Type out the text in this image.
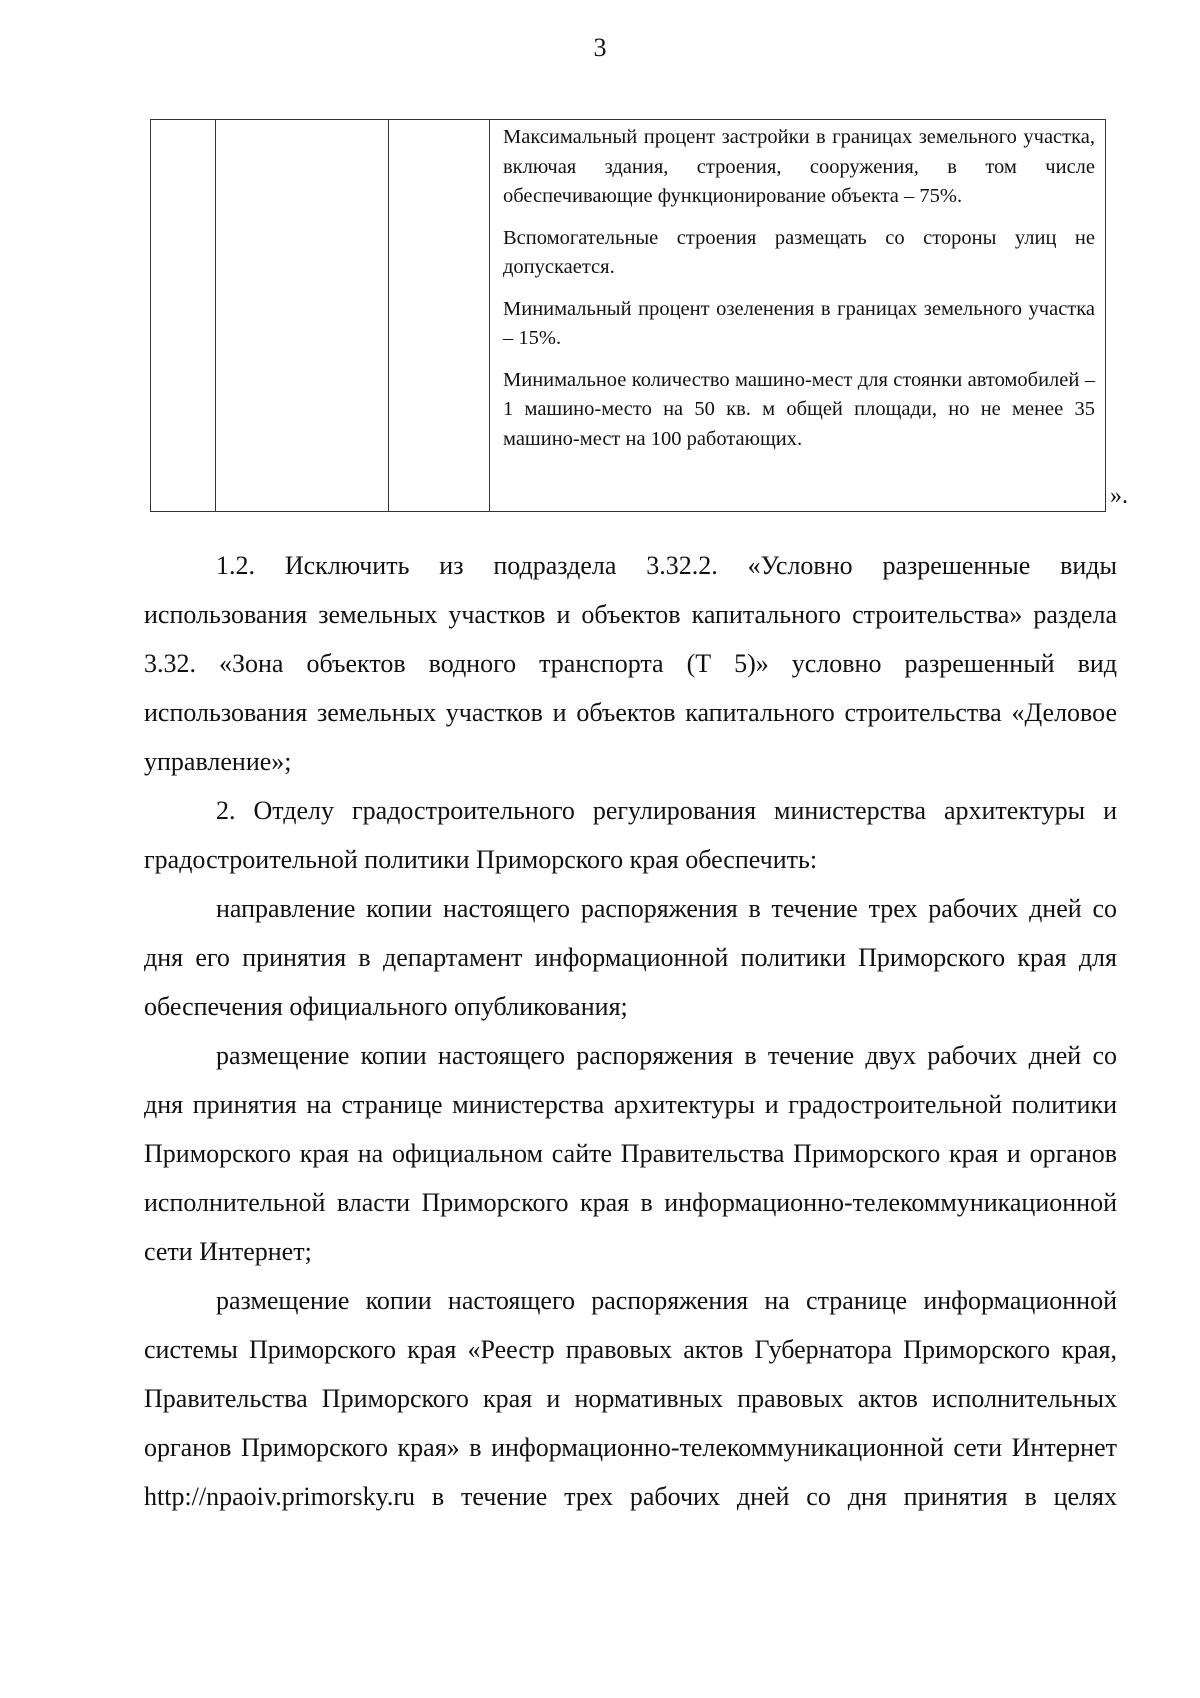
3

Максимальный процент застройки в границах земельного участка, включая здания, строения, сооружения, в том числе обеспечивающие функционирование объекта – 75%.

Вспомогательные строения размещать со стороны улиц не допускается.

Минимальный процент озеленения в границах земельного участка – 15%.

Минимальное количество машино-мест для стоянки автомобилей – 1 машино-место на 50 кв. м общей площади, но не менее 35 машино-мест на 100 работающих.

».

1.2. Исключить из подраздела 3.32.2. «Условно разрешенные виды использования земельных участков и объектов капитального строительства» раздела 3.32. «Зона объектов водного транспорта (Т 5)» условно разрешенный вид использования земельных участков и объектов капитального строительства «Деловое управление»;

2. Отделу градостроительного регулирования министерства архитектуры и градостроительной политики Приморского края обеспечить:

направление копии настоящего распоряжения в течение трех рабочих дней со дня его принятия в департамент информационной политики Приморского края для обеспечения официального опубликования;

размещение копии настоящего распоряжения в течение двух рабочих дней со дня принятия на странице министерства архитектуры и градостроительной политики Приморского края на официальном сайте Правительства Приморского края и органов исполнительной власти Приморского края в информационно-телекоммуникационной сети Интернет;

размещение копии настоящего распоряжения на странице информационной системы Приморского края «Реестр правовых актов Губернатора Приморского края, Правительства Приморского края и нормативных правовых актов исполнительных органов Приморского края» в информационно-телекоммуникационной сети Интернет http://npaoiv.primorsky.ru в течение трех рабочих дней со дня принятия в целях
